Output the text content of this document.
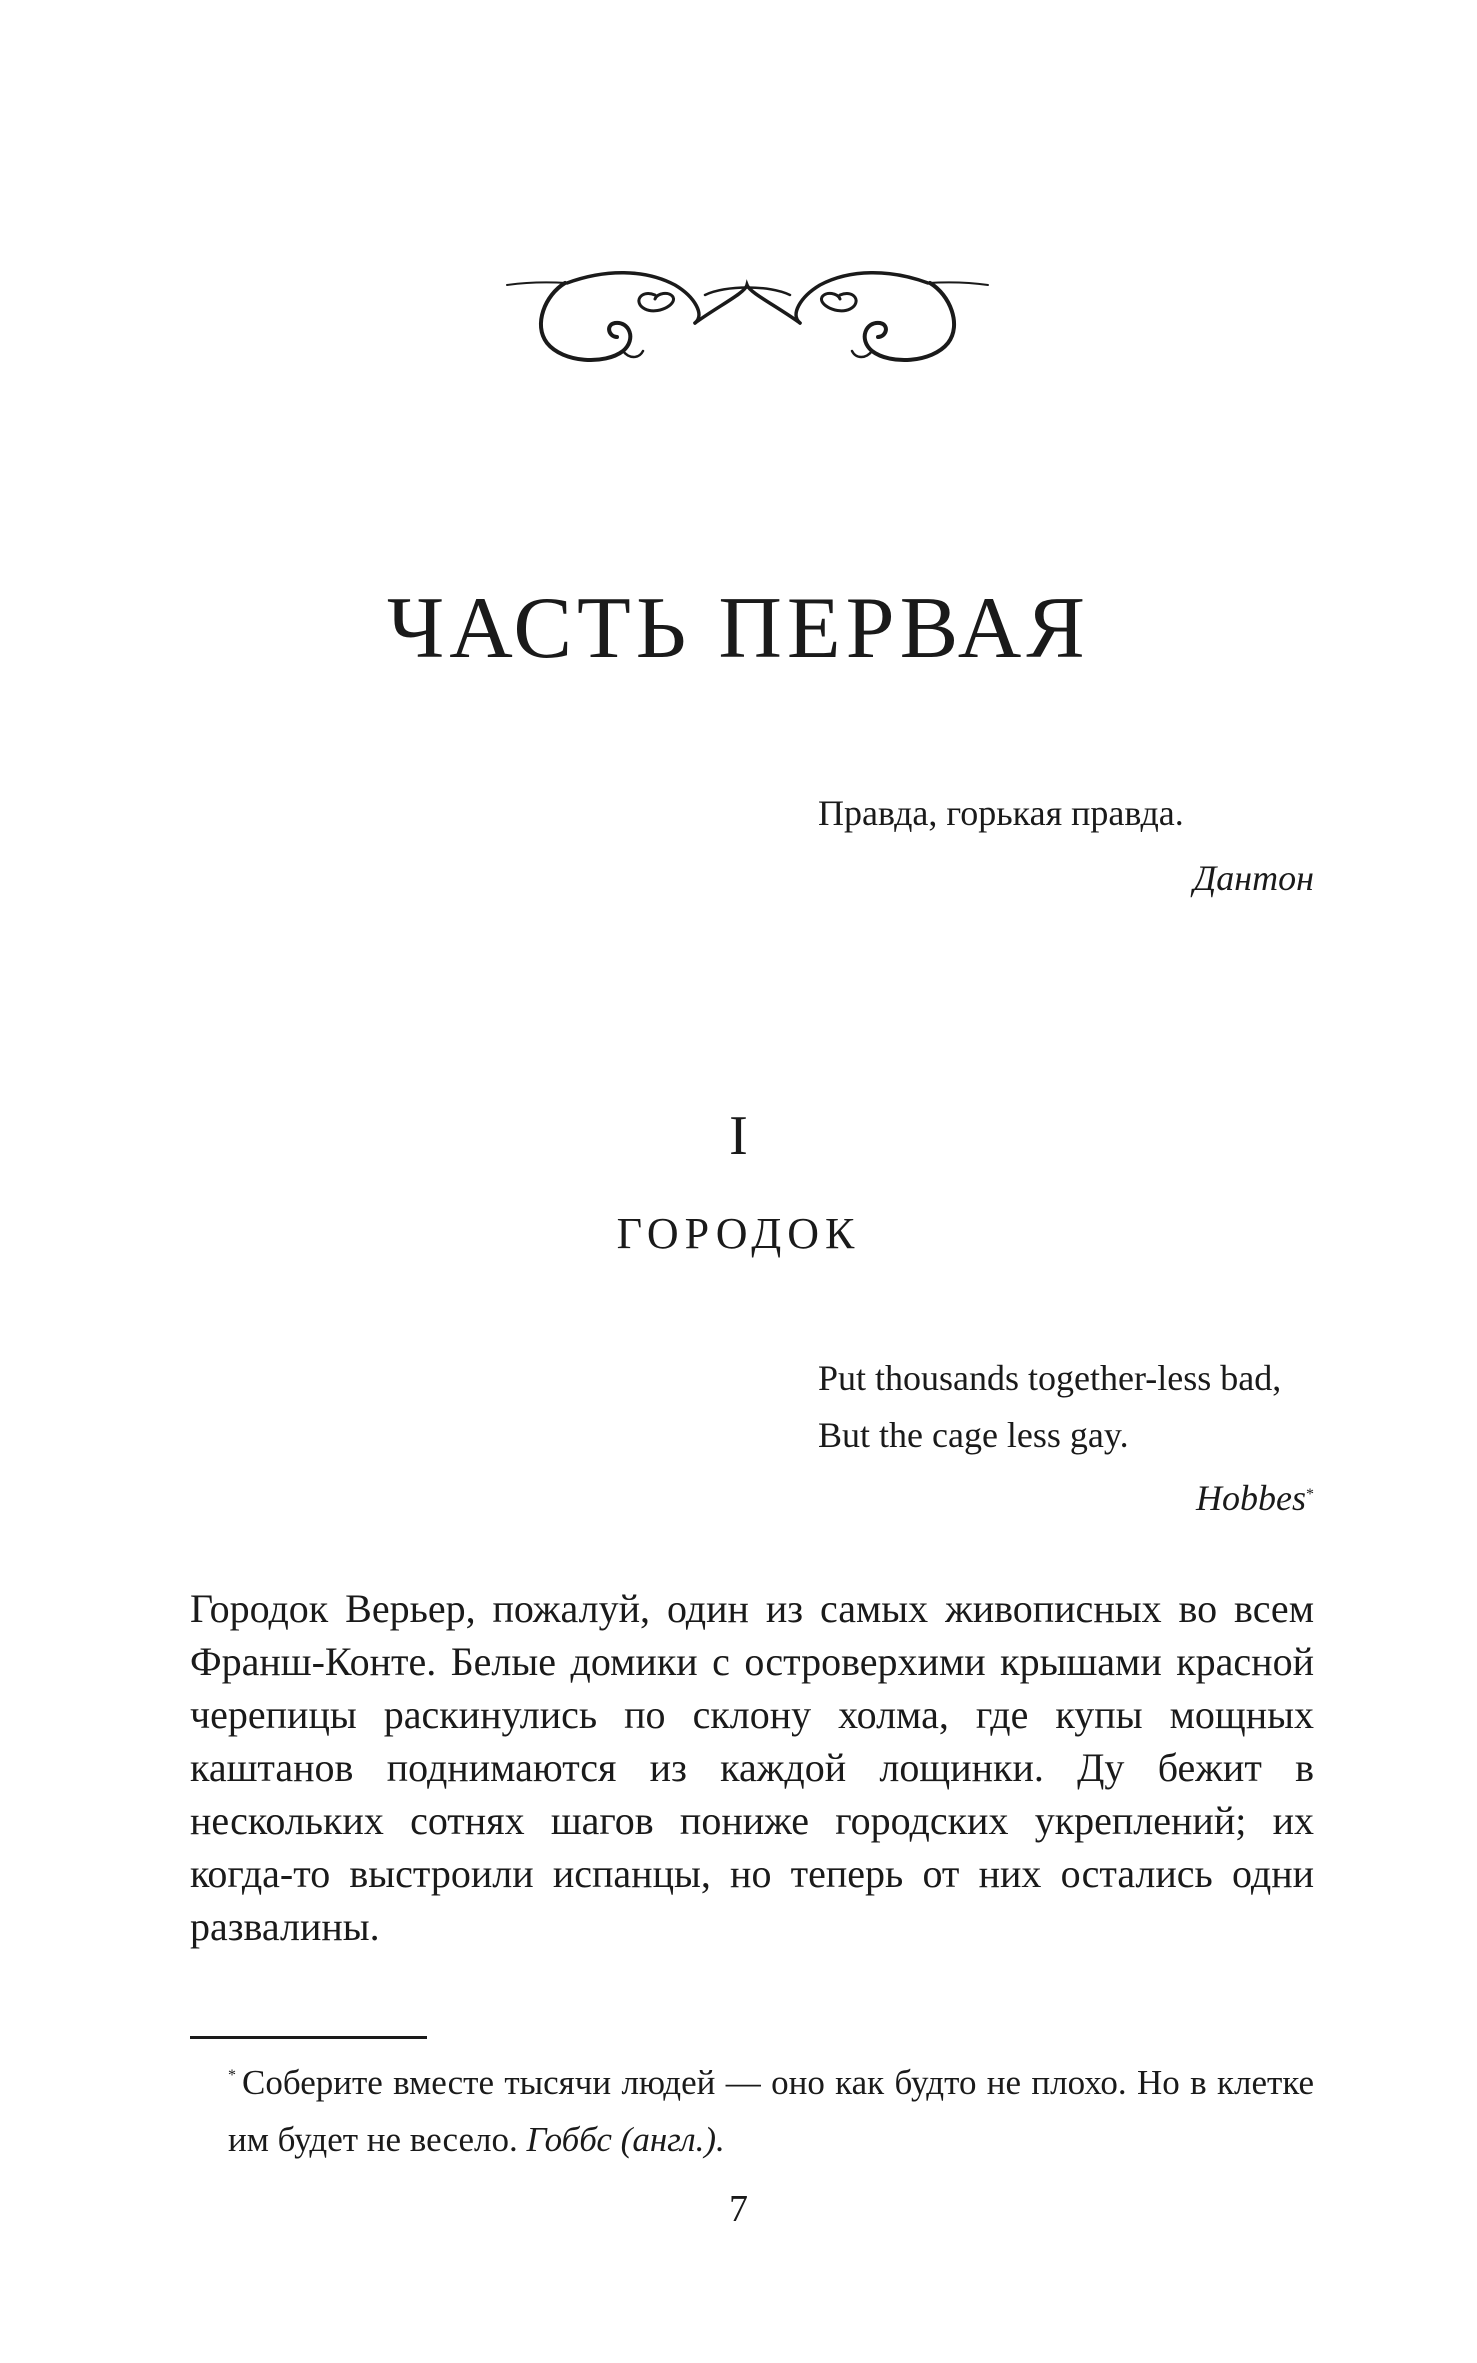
ЧАСТЬ ПЕРВАЯ

Правда, горькая правда.

Дантон

I
ГОРОДОК

Put thousands together-less bad,

But the cage less gay.

Hobbes*

Городок Верьер, пожалуй, один из самых живописных во всем Франш-Конте. Белые домики с островерхими крышами красной черепицы раскинулись по склону холма, где купы мощных каштанов поднимаются из каждой лощинки. Ду бежит в нескольких сотнях шагов пониже городских укреплений; их когда-то выстроили испанцы, но теперь от них остались одни развалины.

* Соберите вместе тысячи людей — оно как будто не плохо. Но в клетке им будет не весело. Гоббс (англ.).

7
